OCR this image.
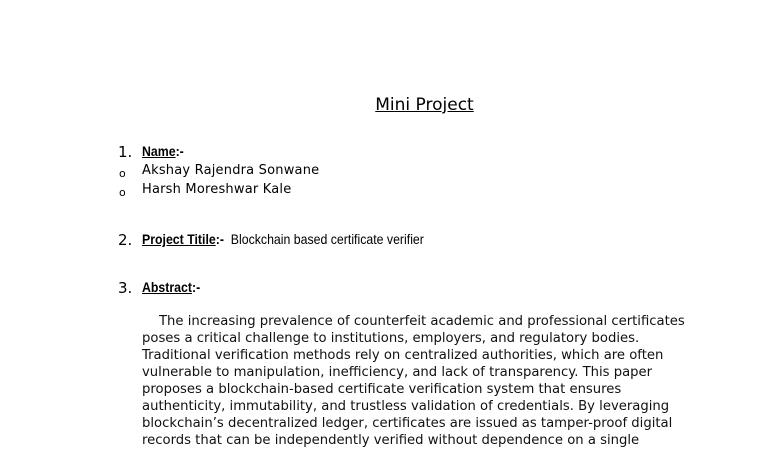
Mini Project
1. Name:-
o Akshay Rajendra Sonwane
o Harsh Moreshwar Kale
2. Project Titile:- Blockchain based certificate verifier
3. Abstract:-
The increasing prevalence of counterfeit academic and professional certificates
poses a critical challenge to institutions, employers, and regulatory bodies.
Traditional verification methods rely on centralized authorities, which are often
vulnerable to manipulation, inefficiency, and lack of transparency. This paper
proposes a blockchain-based certificate verification system that ensures
authenticity, immutability, and trustless validation of credentials. By leveraging
blockchain’s decentralized ledger, certificates are issued as tamper-proof digital
records that can be independently verified without dependence on a single
